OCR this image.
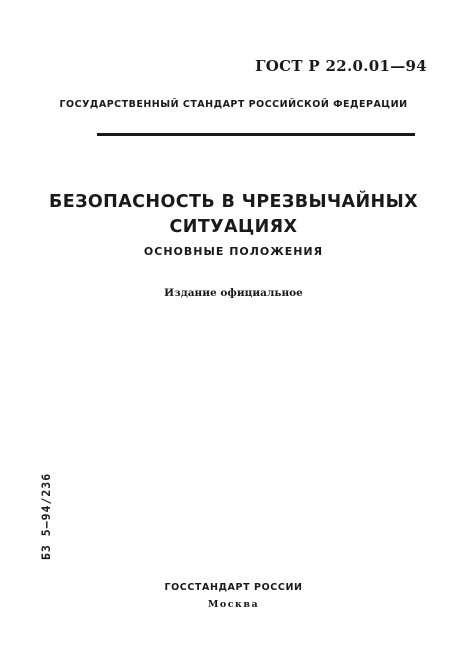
ГОСТ Р 22.0.01—94
ГОСУДАРСТВЕННЫЙ СТАНДАРТ РОССИЙСКОЙ ФЕДЕРАЦИИ
БЕЗОПАСНОСТЬ В ЧРЕЗВЫЧАЙНЫХ
СИТУАЦИЯХ
ОСНОВНЫЕ ПОЛОЖЕНИЯ
Издание официальное
БЗ 5—94/236
ГОССТАНДАРТ РОССИИ
Москва
